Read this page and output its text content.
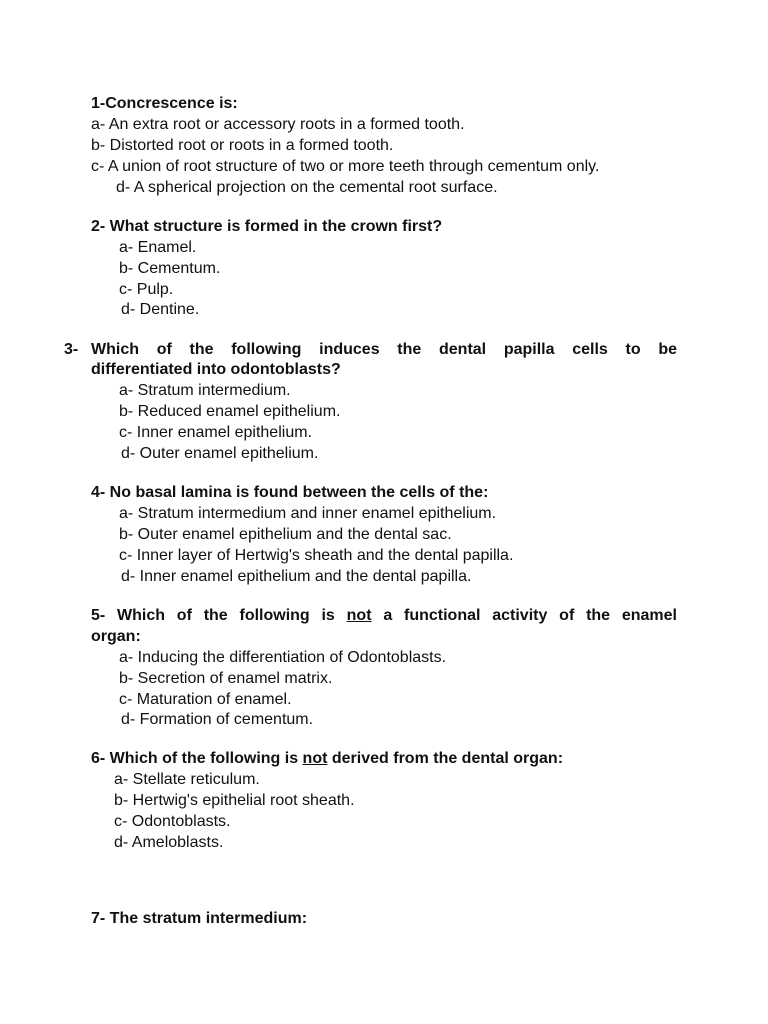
1-Concrescence is:
a- An extra root or accessory roots in a formed tooth.
b- Distorted root or roots in a formed tooth.
c- A union of root structure of two or more teeth through cementum only.
d- A spherical projection on the cemental root surface.
2- What structure is formed in the crown first?
a- Enamel.
b- Cementum.
c- Pulp.
d- Dentine.
3- Which of the following induces the dental papilla cells to be
differentiated into odontoblasts?
a- Stratum intermedium.
b- Reduced enamel epithelium.
c- Inner enamel epithelium.
d- Outer enamel epithelium.
4- No basal lamina is found between the cells of the:
a- Stratum intermedium and inner enamel epithelium.
b- Outer enamel epithelium and the dental sac.
c- Inner layer of Hertwig's sheath and the dental papilla.
d- Inner enamel epithelium and the dental papilla.
5- Which of the following is not a functional activity of the enamel
organ:
a- Inducing the differentiation of Odontoblasts.
b- Secretion of enamel matrix.
c- Maturation of enamel.
d- Formation of cementum.
6- Which of the following is not derived from the dental organ:
a- Stellate reticulum.
b- Hertwig's epithelial root sheath.
c- Odontoblasts.
d- Ameloblasts.
7- The stratum intermedium:
